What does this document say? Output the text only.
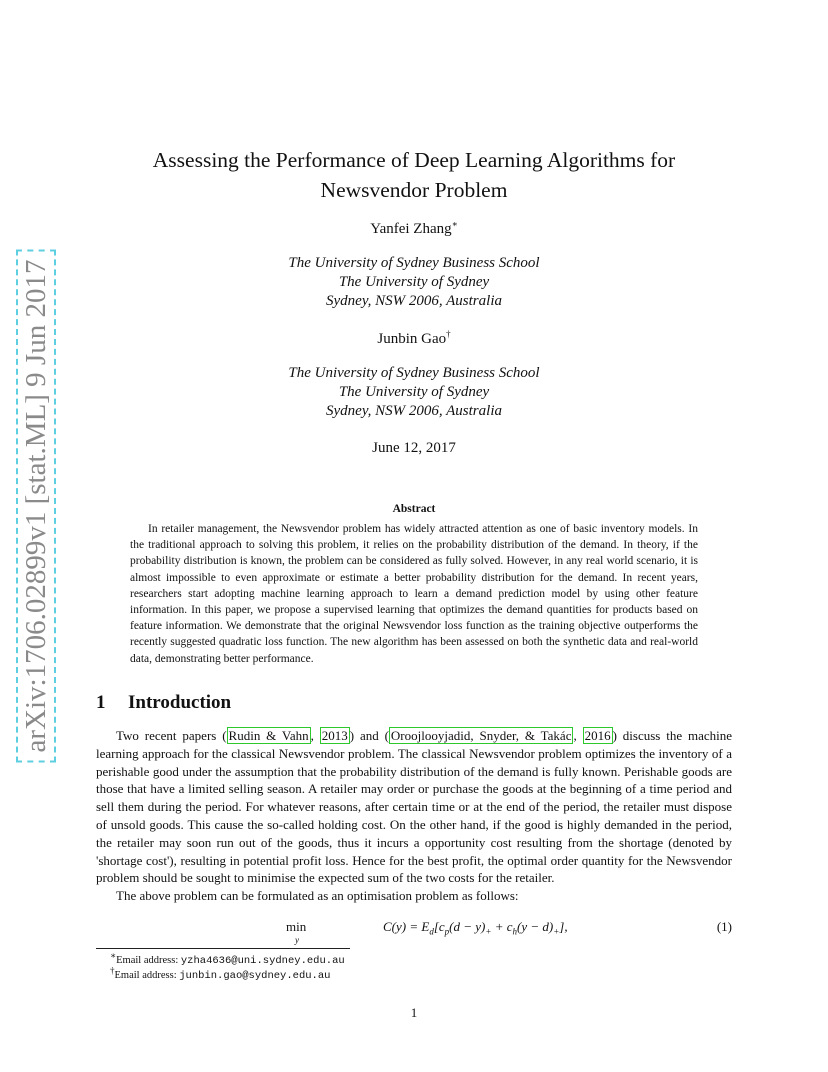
arXiv:1706.02899v1 [stat.ML] 9 Jun 2017
Assessing the Performance of Deep Learning Algorithms for
Newsvendor Problem

Yanfei Zhang∗

The University of Sydney Business School
The University of Sydney
Sydney, NSW 2006, Australia

Junbin Gao†

The University of Sydney Business School
The University of Sydney
Sydney, NSW 2006, Australia

June 12, 2017

Abstract

In retailer management, the Newsvendor problem has widely attracted attention as one of basic inventory models. In the traditional approach to solving this problem, it relies on the probability distribution of the demand. In theory, if the probability distribution is known, the problem can be considered as fully solved. However, in any real world scenario, it is almost impossible to even approximate or estimate a better probability distribution for the demand. In recent years, researchers start adopting machine learning approach to learn a demand prediction model by using other feature information. In this paper, we propose a supervised learning that optimizes the demand quantities for products based on feature information. We demonstrate that the original Newsvendor loss function as the training objective outperforms the recently suggested quadratic loss function. The new algorithm has been assessed on both the synthetic data and real-world data, demonstrating better performance.

1 Introduction

Two recent papers ( Rudin & Vahn , 2013 ) and ( Oroojlooyjadid, Snyder, & Takác , 2016 ) discuss the machine learning approach for the classical Newsvendor problem. The classical Newsvendor problem optimizes the inventory of a perishable good under the assumption that the probability distribution of the demand is fully known. Perishable goods are those that have a limited selling season. A retailer may order or purchase the goods at the beginning of a time period and sell them during the period. For whatever reasons, after certain time or at the end of the period, the retailer must dispose of unsold goods. This cause the so-called holding cost. On the other hand, if the good is highly demanded in the period, the retailer may soon run out of the goods, thus it incurs a opportunity cost resulting from the shortage (denoted by 'shortage cost'), resulting in potential profit loss. Hence for the best profit, the optimal order quantity for the Newsvendor problem should be sought to minimise the expected sum of the two costs for the retailer.

The above problem can be formulated as an optimisation problem as follows:

min
y
$C(y) = E_d[c_p(d - y)_+ + c_h(y - d)_+]$,	(1)
∗Email address: yzha4636@uni.sydney.edu.au
†Email address: junbin.gao@sydney.edu.au

1
